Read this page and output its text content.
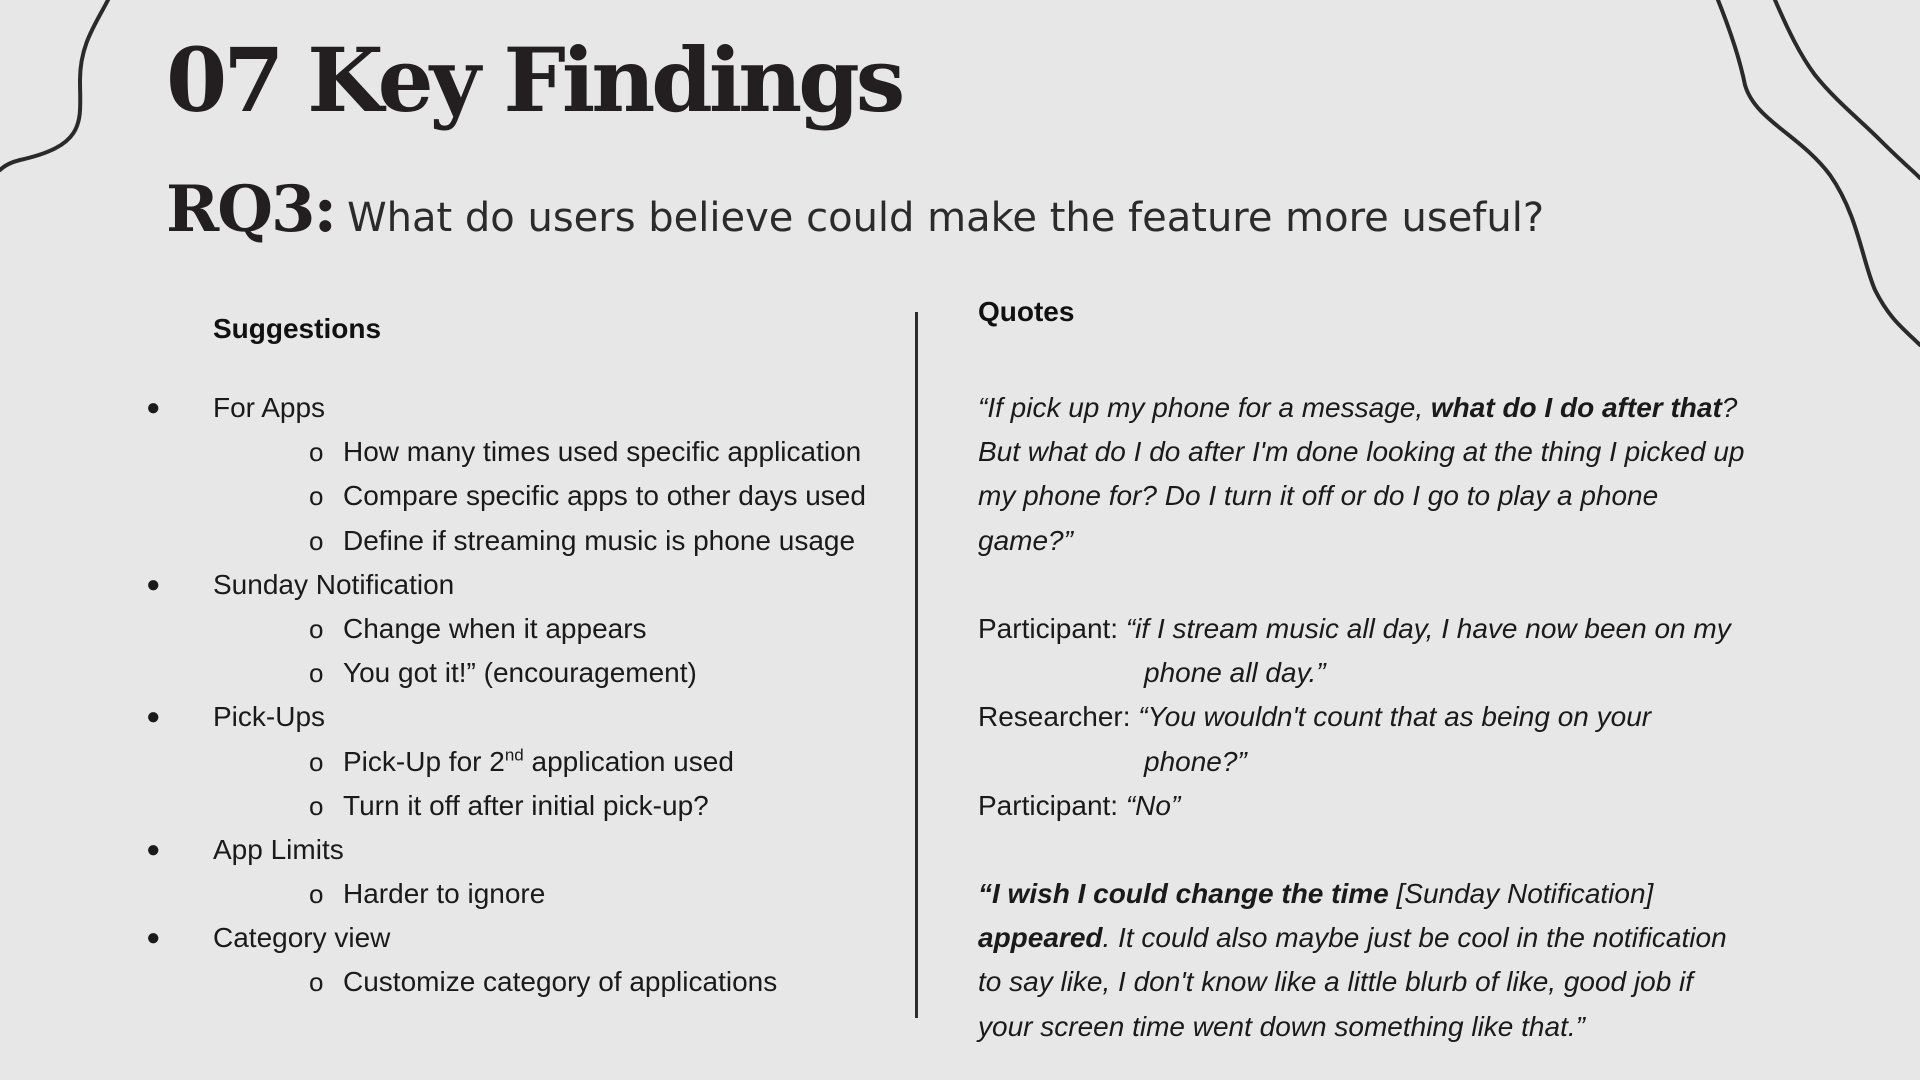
07 Key Findings
RQ3: What do users believe could make the feature more useful?
Suggestions
● For Apps
o How many times used specific application
o Compare specific apps to other days used
o Define if streaming music is phone usage
● Sunday Notification
o Change when it appears
o You got it!” (encouragement)
● Pick-Ups
o Pick-Up for 2nd application used
o Turn it off after initial pick-up?
● App Limits
o Harder to ignore
● Category view
o Customize category of applications
Quotes
“If pick up my phone for a message, what do I do after that?
But what do I do after I'm done looking at the thing I picked up
my phone for? Do I turn it off or do I go to play a phone
game?”
Participant: “if I stream music all day, I have now been on my
phone all day.”
Researcher: “You wouldn't count that as being on your
phone?”
Participant: “No”
“I wish I could change the time [Sunday Notification]
appeared. It could also maybe just be cool in the notification
to say like, I don't know like a little blurb of like, good job if
your screen time went down something like that.”
